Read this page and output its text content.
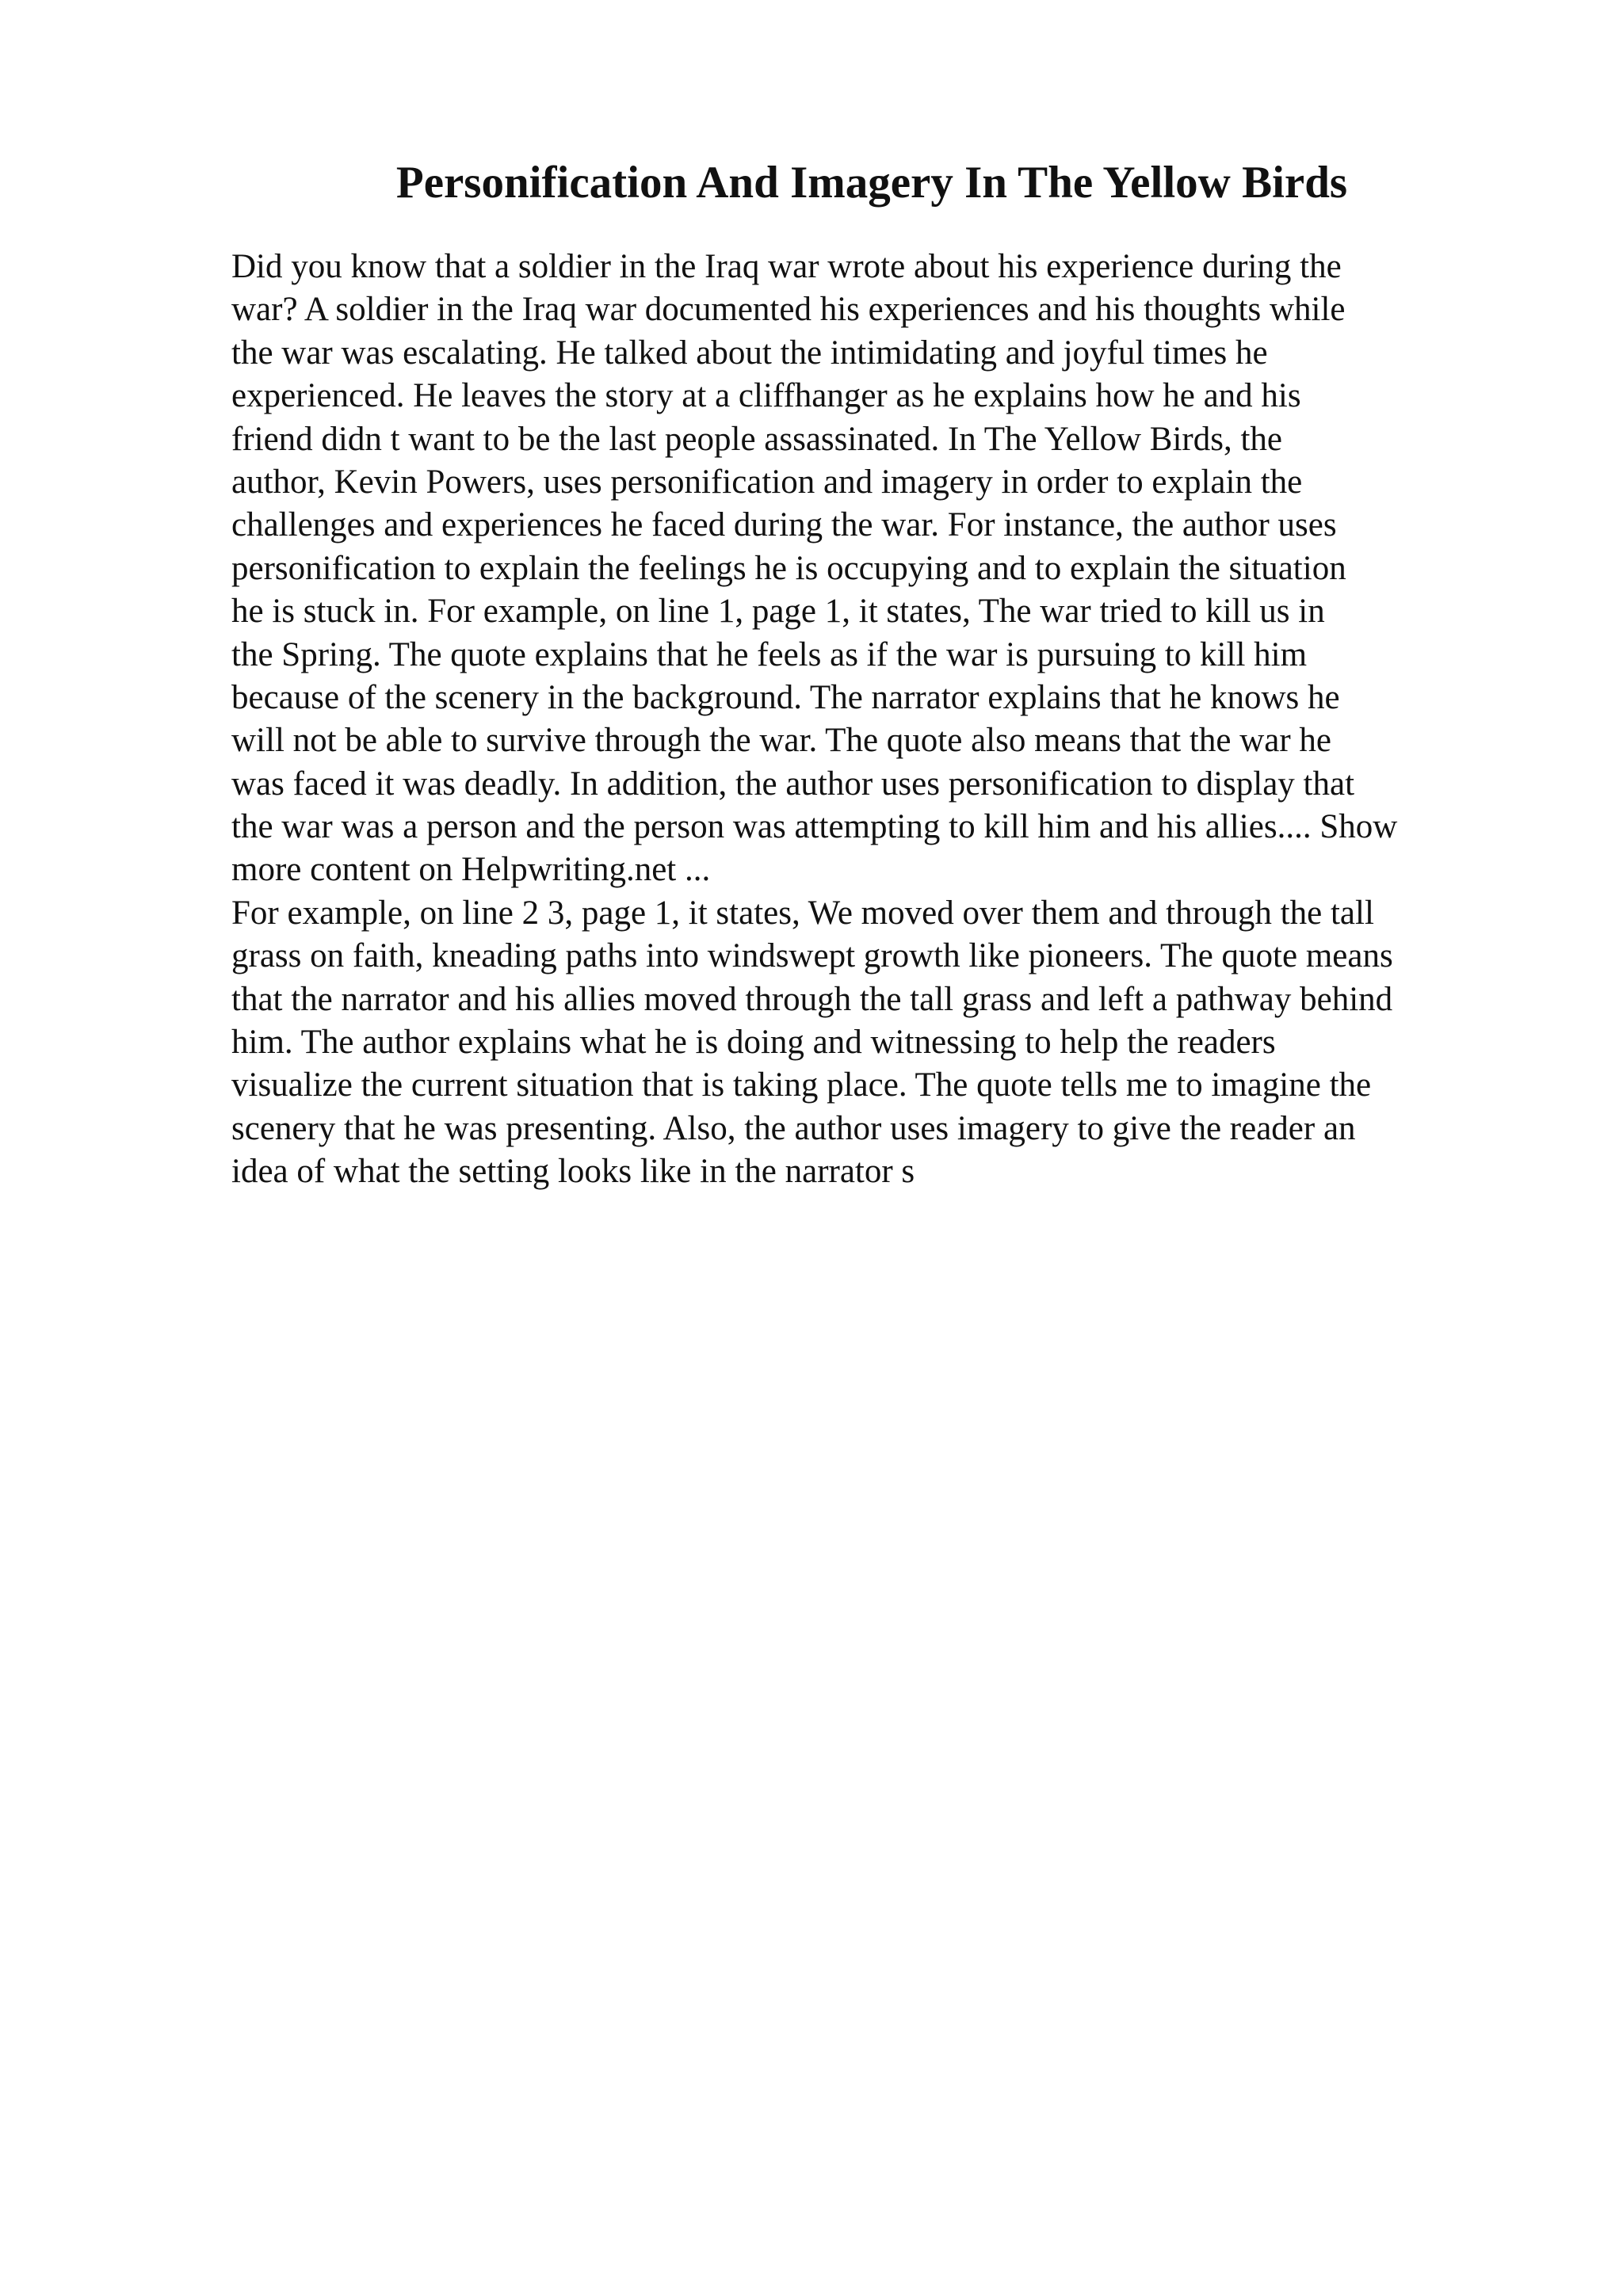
Personification And Imagery In The Yellow Birds
Did you know that a soldier in the Iraq war wrote about his experience during the
war? A soldier in the Iraq war documented his experiences and his thoughts while
the war was escalating. He talked about the intimidating and joyful times he
experienced. He leaves the story at a cliffhanger as he explains how he and his
friend didn t want to be the last people assassinated. In The Yellow Birds, the
author, Kevin Powers, uses personification and imagery in order to explain the
challenges and experiences he faced during the war. For instance, the author uses
personification to explain the feelings he is occupying and to explain the situation
he is stuck in. For example, on line 1, page 1, it states, The war tried to kill us in
the Spring. The quote explains that he feels as if the war is pursuing to kill him
because of the scenery in the background. The narrator explains that he knows he
will not be able to survive through the war. The quote also means that the war he
was faced it was deadly. In addition, the author uses personification to display that
the war was a person and the person was attempting to kill him and his allies.... Show
more content on Helpwriting.net ...
For example, on line 2 3, page 1, it states, We moved over them and through the tall
grass on faith, kneading paths into windswept growth like pioneers. The quote means
that the narrator and his allies moved through the tall grass and left a pathway behind
him. The author explains what he is doing and witnessing to help the readers
visualize the current situation that is taking place. The quote tells me to imagine the
scenery that he was presenting. Also, the author uses imagery to give the reader an
idea of what the setting looks like in the narrator s
